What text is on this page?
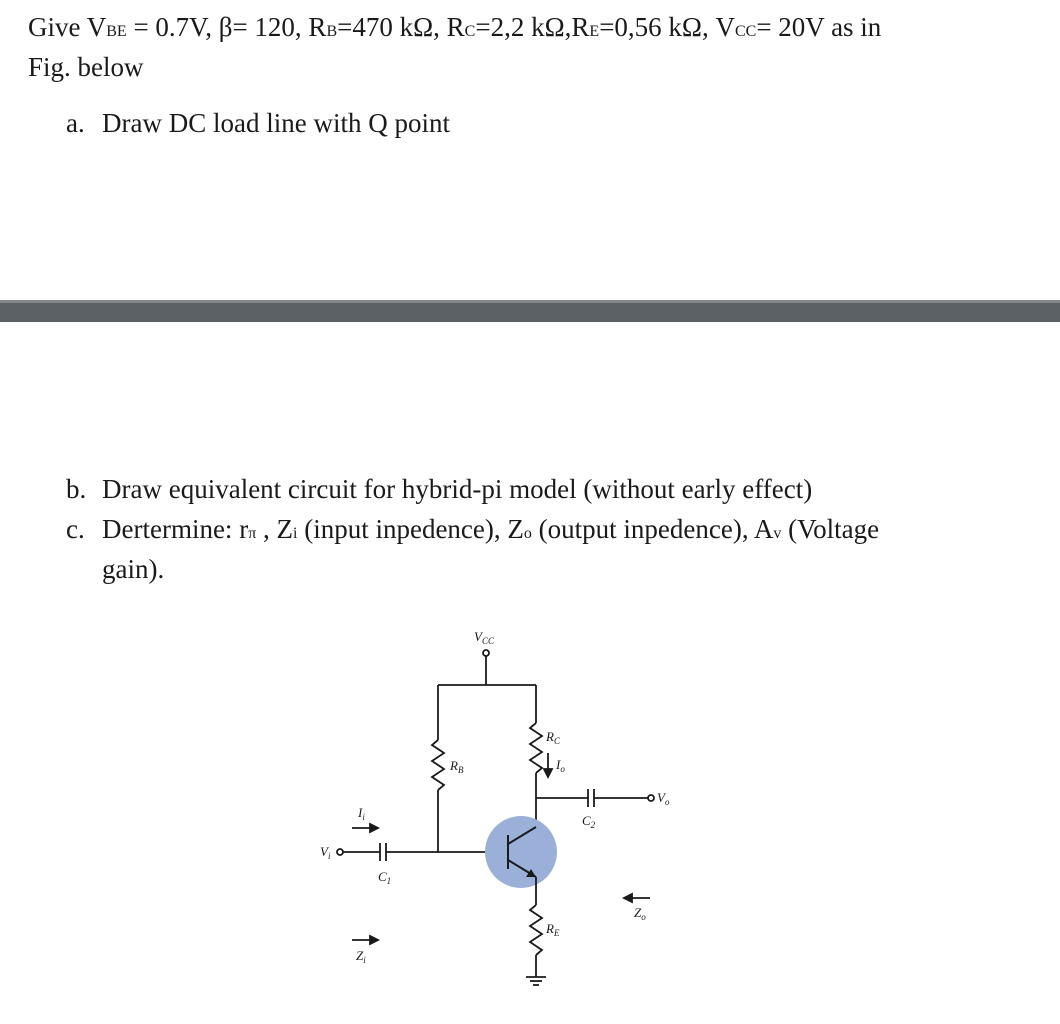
Give VBE = 0.7V, β= 120, RB=470 kΩ, RC=2,2 kΩ,RE=0,56 kΩ, VCC= 20V as in
Fig. below
a. Draw DC load line with Q point
b. Draw equivalent circuit for hybrid-pi model (without early effect)
c. Dertermine: rπ , Zi (input inpedence), Zo (output inpedence), Av (Voltage
gain).
$V_{CC}$
$R_B$
$R_C$
$I_o$
$R_E$
$I_i$
$V_i$
$C_1$
$C_2$
$V_o$
$Z_i$
$Z_o$
